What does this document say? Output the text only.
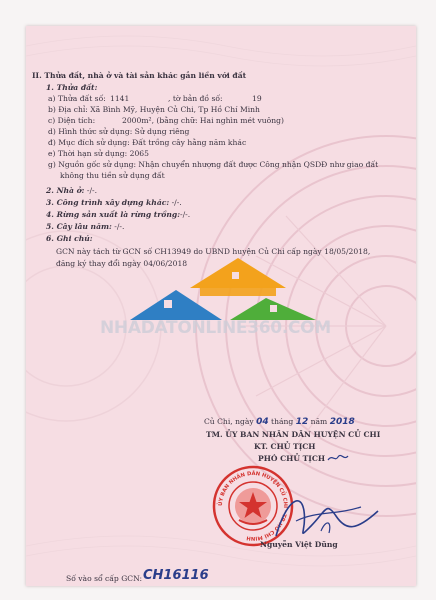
II. Thửa đất, nhà ở và tài sản khác gắn liền với đất
1. Thửa đất:
a) Thửa đất số: 1141	, tờ bản đồ số:	19
b) Địa chỉ: Xã Bình Mỹ, Huyện Củ Chi, Tp Hồ Chí Minh
c) Diện tích:	2000m², (bằng chữ: Hai nghìn mét vuông)
d) Hình thức sử dụng: Sử dụng riêng
đ) Mục đích sử dụng: Đất trồng cây hằng năm khác
e) Thời hạn sử dụng: 2065
g) Nguồn gốc sử dụng: Nhận chuyển nhượng đất được Công nhận QSDĐ như giao đất
không thu tiền sử dụng đất
2. Nhà ở: -/-.
3. Công trình xây dựng khác: -/-.
4. Rừng sản xuất là rừng trồng:-/-.
5. Cây lâu năm: -/-.
6. Ghi chú:
GCN này tách từ GCN số CH13949 do UBND huyện Củ Chi cấp ngày 18/05/2018,
đăng ký thay đổi ngày 04/06/2018
NHADATONLINE360.COM
Củ Chi, ngày 04 tháng 12 năm 2018
TM. ỦY BAN NHÂN DÂN HUYỆN CỦ CHI
KT. CHỦ TỊCH
PHÓ CHỦ TỊCH
ỦY BAN NHÂN DÂN HUYỆN CỦ CHI · TP HỒ CHÍ MINH
Nguyễn Việt Dũng
Số vào sổ cấp GCN: CH16116
